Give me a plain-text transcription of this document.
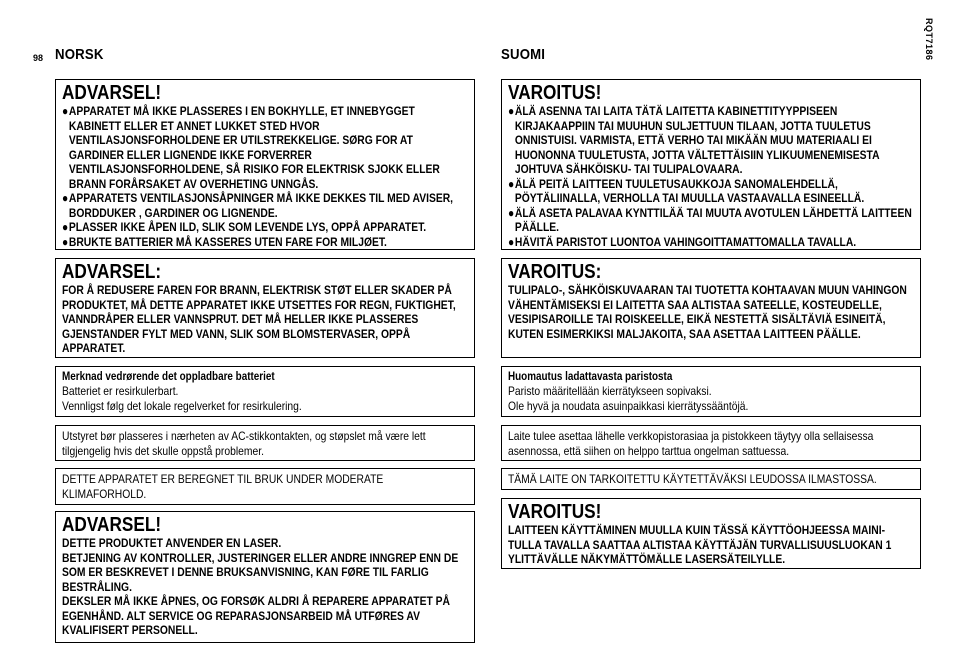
98	RQT7186
NORSK
ADVARSEL!
● APPARATET MÅ IKKE PLASSERES I EN BOKHYLLE, ET INNEBYGGET KABINETT ELLER ET ANNET LUKKET STED HVOR VENTILASJONSFORHOLDENE ER UTILSTREKKELIGE. SØRG FOR AT GARDINER ELLER LIGNENDE IKKE FORVERRER VENTILASJONSFORHOLDENE, SÅ RISIKO FOR ELEKTRISK SJOKK ELLER BRANN FORÅRSAKET AV OVERHETING UNNGÅS.
● APPARATETS VENTILASJONSÅPNINGER MÅ IKKE DEKKES TIL MED AVISER, BORDDUKER , GARDINER OG LIGNENDE.
● PLASSER IKKE ÅPEN ILD, SLIK SOM LEVENDE LYS, OPPÅ APPARATET.
● BRUKTE BATTERIER MÅ KASSERES UTEN FARE FOR MILJØET.
ADVARSEL:
FOR Å REDUSERE FAREN FOR BRANN, ELEKTRISK STØT ELLER SKADER PÅ PRODUKTET, MÅ DETTE APPARATET IKKE UTSETTES FOR REGN, FUKTIGHET, VANNDRÅPER ELLER VANNSPRUT. DET MÅ HELLER IKKE PLASSERES GJENSTANDER FYLT MED VANN, SLIK SOM BLOMSTERVASER, OPPÅ APPARATET.
Merknad vedrørende det oppladbare batteriet
Batteriet er resirkulerbart.
Vennligst følg det lokale regelverket for resirkulering.
Utstyret bør plasseres i nærheten av AC-stikkontakten, og støpslet må være lett tilgjengelig hvis det skulle oppstå problemer.
DETTE APPARATET ER BEREGNET TIL BRUK UNDER MODERATE KLIMAFORHOLD.
ADVARSEL!
DETTE PRODUKTET ANVENDER EN LASER.
BETJENING AV KONTROLLER, JUSTERINGER ELLER ANDRE INNGREP ENN DE SOM ER BESKREVET I DENNE BRUKSANVISNING, KAN FØRE TIL FARLIG BESTRÅLING.
DEKSLER MÅ IKKE ÅPNES, OG FORSØK ALDRI Å REPARERE APPARATET PÅ EGENHÅND. ALT SERVICE OG REPARASJONSARBEID MÅ UTFØRES AV KVALIFISERT PERSONELL.
SUOMI
VAROITUS!
● ÄLÄ ASENNA TAI LAITA TÄTÄ LAITETTA KABINETTITYYPPISEEN KIRJAKAAPPIIN TAI MUUHUN SULJETTUUN TILAAN, JOTTA TUULETUS ONNISTUISI. VARMISTA, ETTÄ VERHO TAI MIKÄÄN MUU MATERIAALI EI HUONONNA TUULETUSTA, JOTTA VÄLTETTÄISIIN YLIKUUMENEMISESTA JOHTUVA SÄHKÖISKU- TAI TULIPALOVAARA.
● ÄLÄ PEITÄ LAITTEEN TUULETUSAUKKOJA SANOMALEHDELLÄ, PÖYTÄLIINALLA, VERHOLLA TAI MUULLA VASTAAVALLA ESINEELLÄ.
● ÄLÄ ASETA PALAVAA KYNTTILÄÄ TAI MUUTA AVOTULEN LÄHDETTÄ LAITTEEN PÄÄLLE.
● HÄVITÄ PARISTOT LUONTOA VAHINGOITTAMATTOMALLA TAVALLA.
VAROITUS:
TULIPALO-, SÄHKÖISKUVAARAN TAI TUOTETTA KOHTAAVAN MUUN VAHINGON VÄHENTÄMISEKSI EI LAITETTA SAA ALTISTAA SATEELLE, KOSTEUDELLE, VESIPISAROILLE TAI ROISKEELLE, EIKÄ NESTETTÄ SISÄLTÄVIÄ ESINEITÄ, KUTEN ESIMERKIKSI MALJAKOITA, SAA ASETTAA LAITTEEN PÄÄLLE.
Huomautus ladattavasta paristosta
Paristo määritellään kierrätykseen sopivaksi.
Ole hyvä ja noudata asuinpaikkasi kierrätyssääntöjä.
Laite tulee asettaa lähelle verkkopistorasiaa ja pistokkeen täytyy olla sellaisessa asennossa, että siihen on helppo tarttua ongelman sattuessa.
TÄMÄ LAITE ON TARKOITETTU KÄYTETTÄVÄKSI LEUDOSSA ILMASTOSSA.
VAROITUS!
LAITTEEN KÄYTTÄMINEN MUULLA KUIN TÄSSÄ KÄYTTÖOHJEESSA MAINI-TULLA TAVALLA SAATTAA ALTISTAA KÄYTTÄJÄN TURVALLISUUSLUOKAN 1 YLITTÄVÄLLE NÄKYMÄTTÖMÄLLE LASERSÄTEILYLLE.
